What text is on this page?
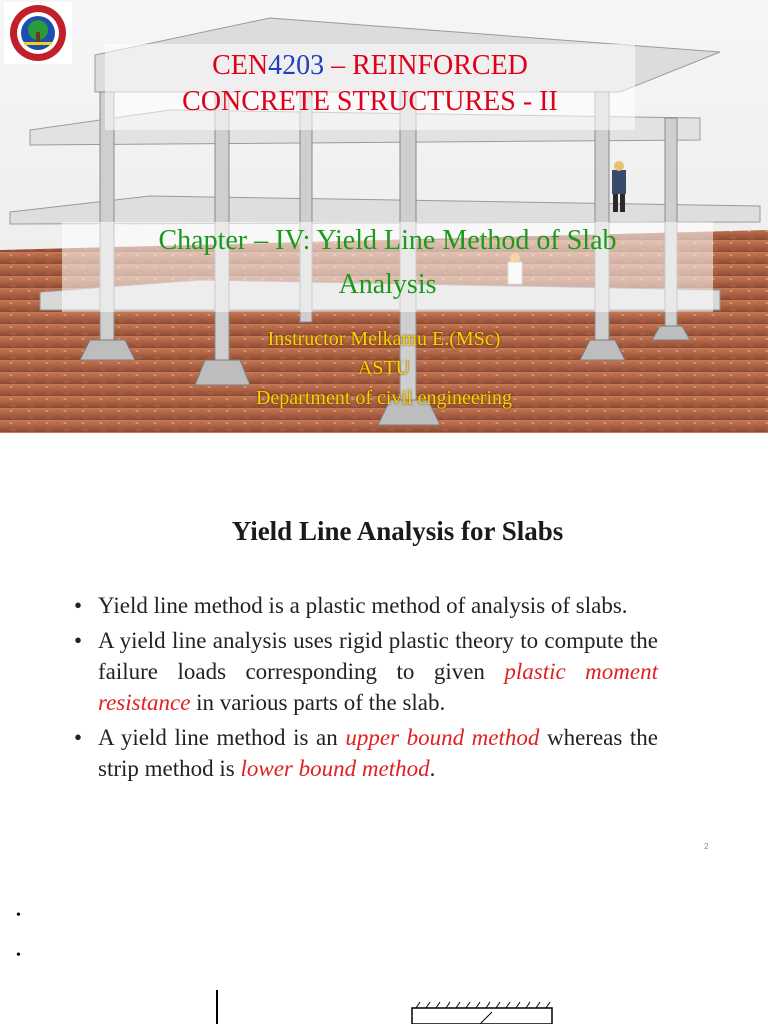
CEN4203 – REINFORCED
CONCRETE STRUCTURES - II
Chapter – IV: Yield Line Method of Slab
Analysis
Instructor Melkamu E.(MSc)
ASTU
Department of civil engineering
Yield Line Analysis for Slabs
• Yield line method is a plastic method of analysis of slabs.
• A yield line analysis uses rigid plastic theory to compute the failure loads corresponding to given plastic moment resistance in various parts of the slab.
• A yield line method is an upper bound method whereas the strip method is lower bound method.
2
•
•
